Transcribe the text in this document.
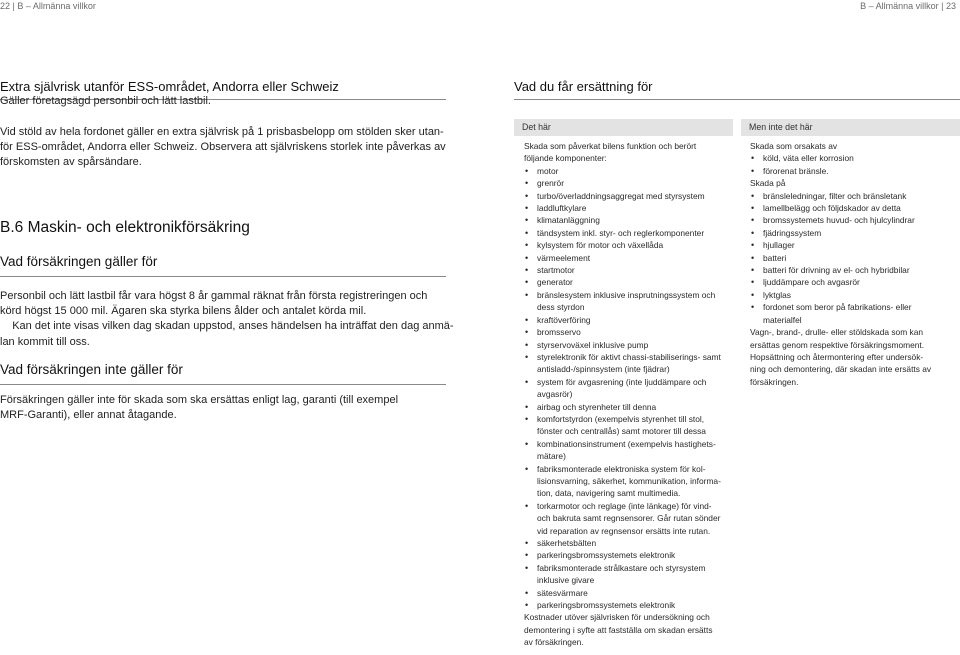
22 | B – Allmänna villkor	B – Allmänna villkor | 23
Extra självrisk utanför ESS-området, Andorra eller Schweiz

Gäller företagsägd personbil och lätt lastbil.

Vid stöld av hela fordonet gäller en extra självrisk på 1 prisbasbelopp om stölden sker utan-

för ESS-området, Andorra eller Schweiz. Observera att självriskens storlek inte påverkas av

förskomsten av spårsändare.

B.6 Maskin- och elektronikförsäkring
Vad försäkringen gäller för

Personbil och lätt lastbil får vara högst 8 år gammal räknat från första registreringen och

körd högst 15 000 mil. Ägaren ska styrka bilens ålder och antalet körda mil.

Kan det inte visas vilken dag skadan uppstod, anses händelsen ha inträffat den dag anmä-

lan kommit till oss.

Vad försäkringen inte gäller för

Försäkringen gäller inte för skada som ska ersättas enligt lag, garanti (till exempel

MRF-Garanti), eller annat åtagande.

Vad du får ersättning för
Det här	Men inte det här

Skada som påverkat bilens funktion och berört

följande komponenter:

• motor
• grenrör
• turbo/överladdningsaggregat med styrsystem
• laddluftkylare
• klimatanläggning
• tändsystem inkl. styr- och reglerkomponenter
• kylsystem för motor och växellåda
• värmeelement
• startmotor
• generator
• bränslesystem inklusive insprutningssystem och
dess styrdon
• kraftöverföring
• bromsservo
• styrservoväxel inklusive pump
• styrelektronik för aktivt chassi-stabiliserings- samt
antisladd-/spinnsystem (inte fjädrar)
• system för avgasrening (inte ljuddämpare och
avgasrör)
• airbag och styrenheter till denna
• komfortstyrdon (exempelvis styrenhet till stol,
fönster och centrallås) samt motorer till dessa
• kombinationsinstrument (exempelvis hastighets-
mätare)
• fabriksmonterade elektroniska system för kol-
lisionsvarning, säkerhet, kommunikation, informa-
tion, data, navigering samt multimedia.
• torkarmotor och reglage (inte länkage) för vind-
och bakruta samt regnsensorer. Går rutan sönder
vid reparation av regnsensor ersätts inte rutan.
• säkerhetsbälten
• parkeringsbromssystemets elektronik
• fabriksmonterade strålkastare och styrsystem
inklusive givare
• sätesvärmare
• parkeringsbromssystemets elektronik

Kostnader utöver självrisken för undersökning och

demontering i syfte att fastställa om skadan ersätts

av försäkringen.

Skada som orsakats av

• köld, väta eller korrosion
• förorenat bränsle.

Skada på

• bränsleledningar, filter och bränsletank
• lamellbelägg och följdskador av detta
• bromssystemets huvud- och hjulcylindrar
• fjädringssystem
• hjullager
• batteri
• batteri för drivning av el- och hybridbilar
• ljuddämpare och avgasrör
• lyktglas
• fordonet som beror på fabrikations- eller
materialfel

Vagn-, brand-, drulle- eller stöldskada som kan

ersättas genom respektive försäkringsmoment.

Hopsättning och återmontering efter undersök-

ning och demontering, där skadan inte ersätts av

försäkringen.
